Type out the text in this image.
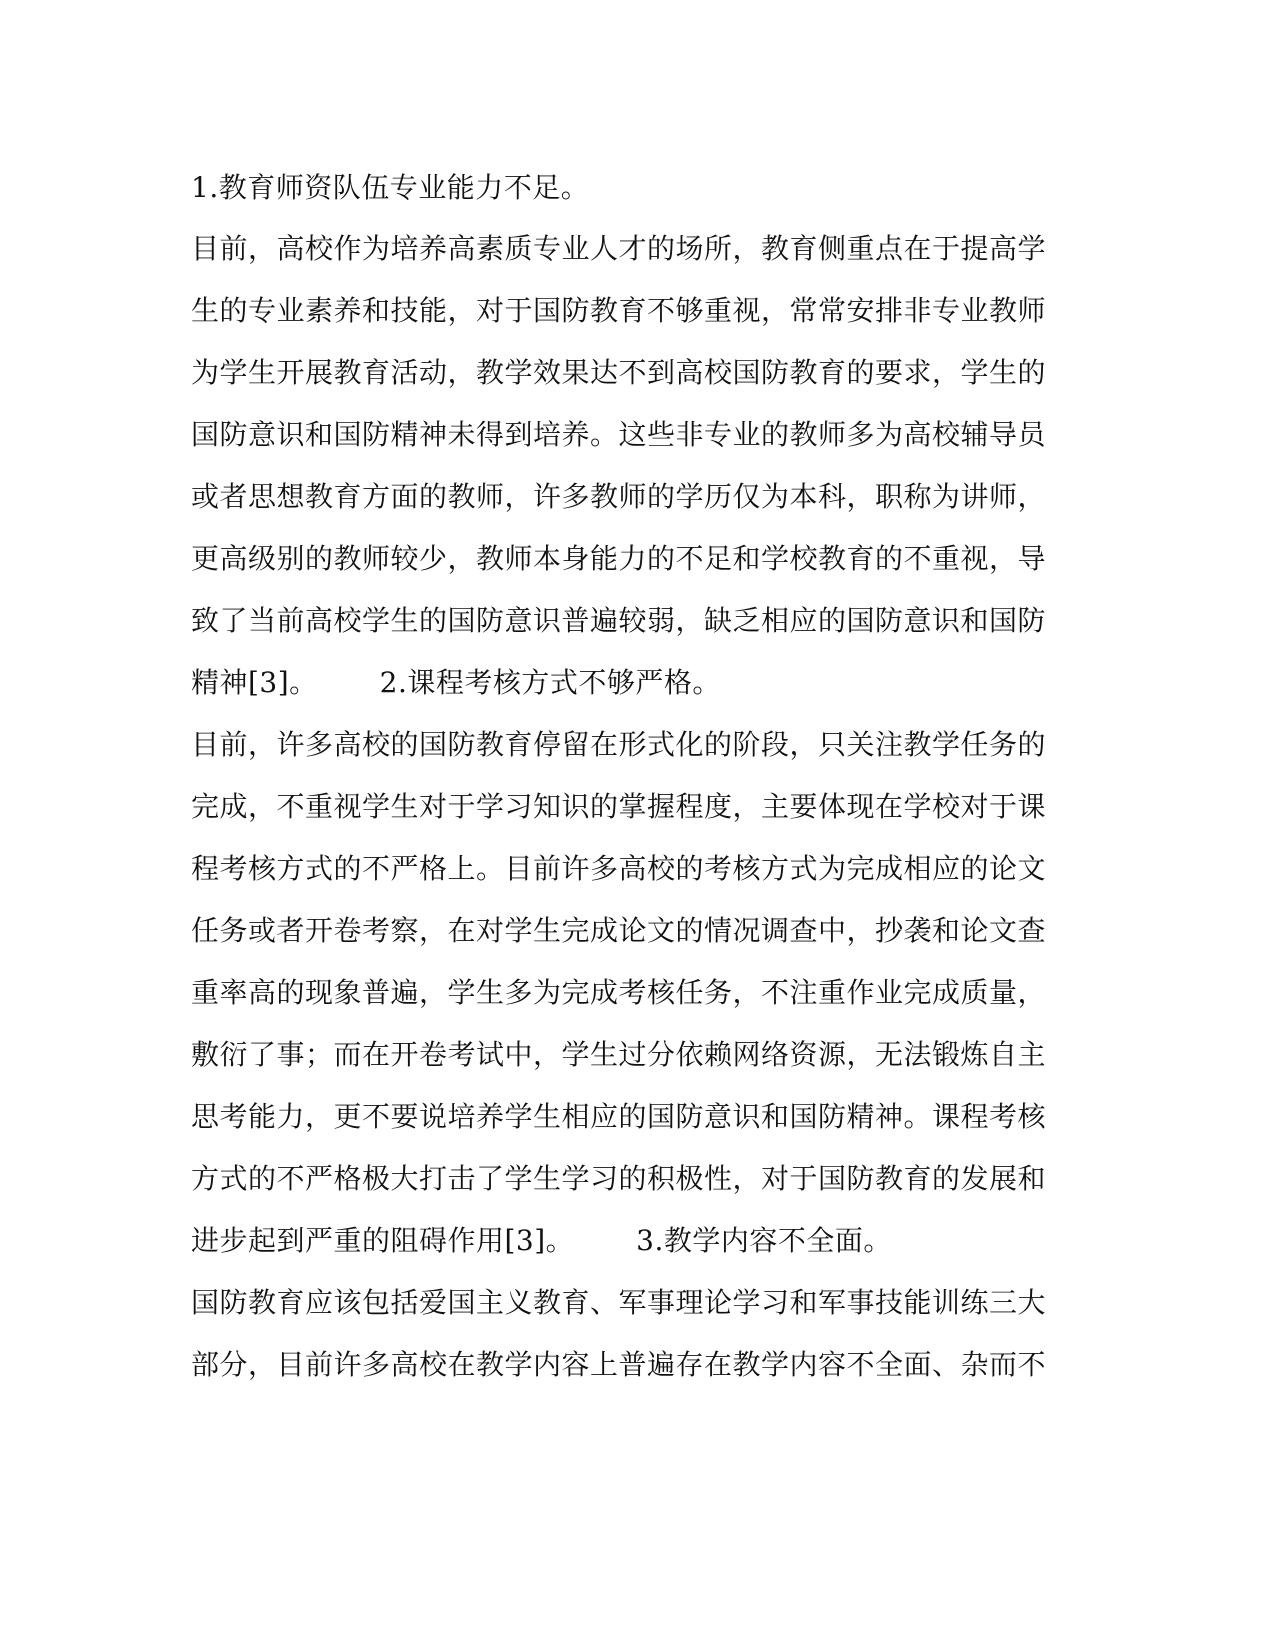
1.教育师资队伍专业能力不足。
目前，高校作为培养高素质专业人才的场所，教育侧重点在于提高学
生的专业素养和技能，对于国防教育不够重视，常常安排非专业教师
为学生开展教育活动，教学效果达不到高校国防教育的要求，学生的
国防意识和国防精神未得到培养。这些非专业的教师多为高校辅导员
或者思想教育方面的教师，许多教师的学历仅为本科，职称为讲师，
更高级别的教师较少，教师本身能力的不足和学校教育的不重视，导
致了当前高校学生的国防意识普遍较弱，缺乏相应的国防意识和国防
精神[3]。 2.课程考核方式不够严格。
目前，许多高校的国防教育停留在形式化的阶段，只关注教学任务的
完成，不重视学生对于学习知识的掌握程度，主要体现在学校对于课
程考核方式的不严格上。目前许多高校的考核方式为完成相应的论文
任务或者开卷考察，在对学生完成论文的情况调查中，抄袭和论文查
重率高的现象普遍，学生多为完成考核任务，不注重作业完成质量，
敷衍了事；而在开卷考试中，学生过分依赖网络资源，无法锻炼自主
思考能力，更不要说培养学生相应的国防意识和国防精神。课程考核
方式的不严格极大打击了学生学习的积极性，对于国防教育的发展和
进步起到严重的阻碍作用[3]。 3.教学内容不全面。
国防教育应该包括爱国主义教育、军事理论学习和军事技能训练三大
部分，目前许多高校在教学内容上普遍存在教学内容不全面、杂而不
